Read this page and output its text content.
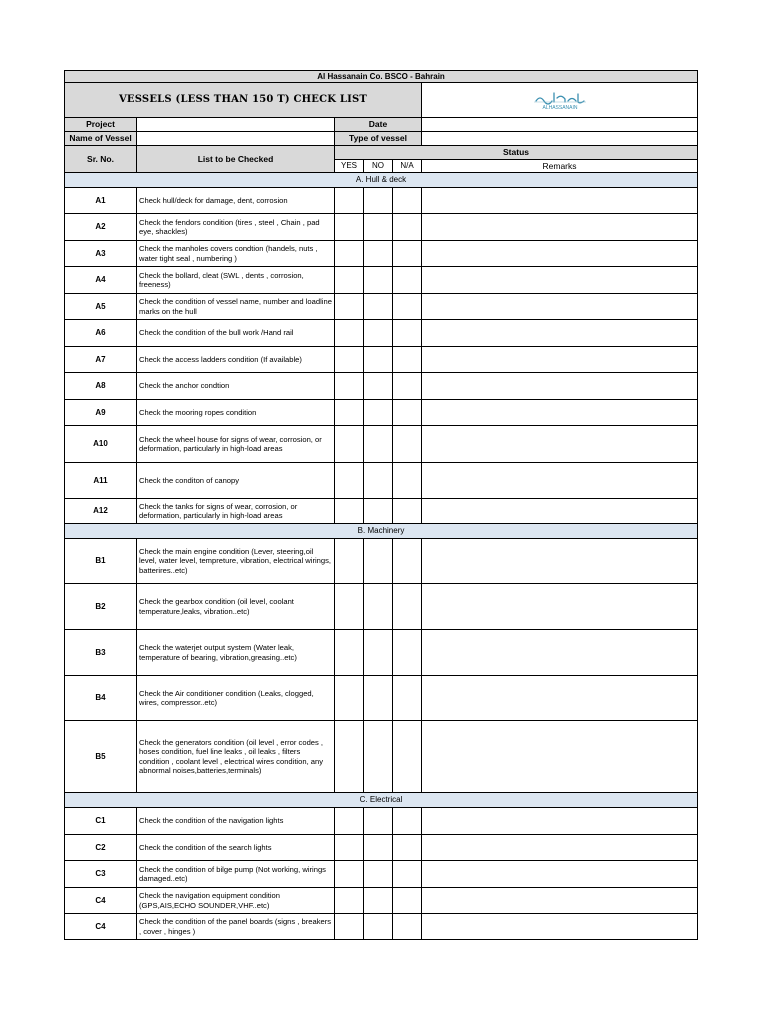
Al Hassanain Co. BSCO - Bahrain					
VESSELS (LESS THAN 150 T) CHECK LIST					ALHASSANAIN

Project		Date			
Name of Vessel		Type of vessel			
Sr. No.	List to be Checked	Status			
		YES	NO	N/A	Remarks
A. Hull & deck					
A1	Check hull/deck for damage, dent, corrosion				
A2	Check the fendors condition (tires , steel , Chain , pad eye, shackles)				
A3	Check the manholes covers condtion (handels, nuts , water tight seal , numbering )				
A4	Check the bollard, cleat (SWL , dents , corrosion, freeness)				
A5	Check the condition of vessel name, number and loadline marks on the hull				
A6	Check the condition of the bull work /Hand rail				
A7	Check the access ladders condition (If available)				
A8	Check the anchor condtion				
A9	Check the mooring ropes condition				
A10	Check the wheel house for signs of wear, corrosion, or deformation, particularly in high-load areas				
A11	Check the conditon of canopy				
A12	Check the tanks for signs of wear, corrosion, or deformation, particularly in high-load areas				
B. Machinery					
B1	Check the main engine condition (Lever, steering,oil level, water level, tempreture, vibration, electrical wirings, batterires..etc)				
B2	Check the gearbox condition (oil level, coolant temperature,leaks, vibration..etc)				
B3	Check the waterjet output system (Water leak, temperature of bearing, vibration,greasing..etc)				
B4	Check the Air conditioner condition (Leaks, clogged, wires, compressor..etc)				
B5	Check the generators condition (oil level , error codes , hoses condition, fuel line leaks , oil leaks , filters condition , coolant level , electrical wires condition, any abnormal noises,batteries,terminals)				
C. Electrical					
C1	Check the condition of the navigation lights				
C2	Check the condition of the search lights				
C3	Check the condition of bilge pump (Not working, wirings damaged..etc)				
C4	Check the navigation equipment condition (GPS,AIS,ECHO SOUNDER,VHF..etc)				
C4	Check the condition of the panel boards (signs , breakers , cover , hinges )				
